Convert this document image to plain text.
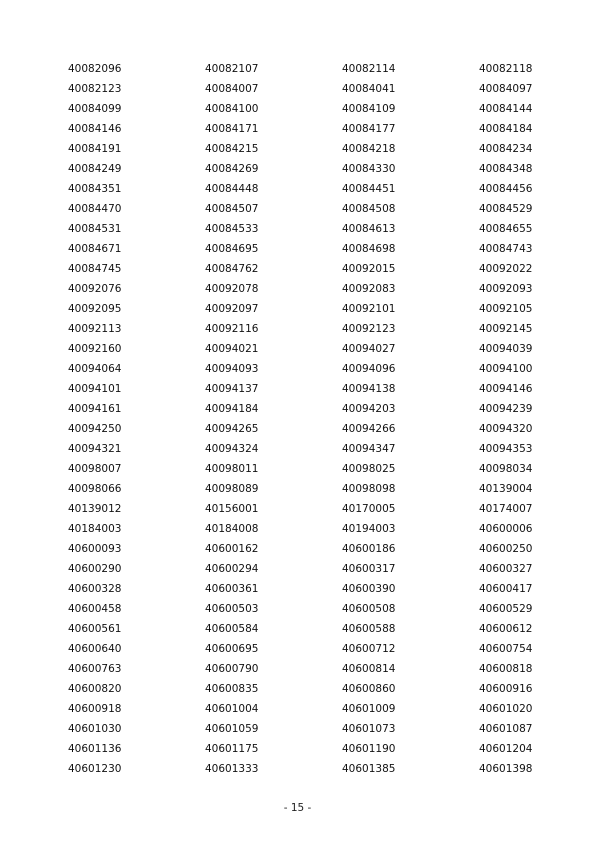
40082096	40082107	40082114	40082118
40082123	40084007	40084041	40084097
40084099	40084100	40084109	40084144
40084146	40084171	40084177	40084184
40084191	40084215	40084218	40084234
40084249	40084269	40084330	40084348
40084351	40084448	40084451	40084456
40084470	40084507	40084508	40084529
40084531	40084533	40084613	40084655
40084671	40084695	40084698	40084743
40084745	40084762	40092015	40092022
40092076	40092078	40092083	40092093
40092095	40092097	40092101	40092105
40092113	40092116	40092123	40092145
40092160	40094021	40094027	40094039
40094064	40094093	40094096	40094100
40094101	40094137	40094138	40094146
40094161	40094184	40094203	40094239
40094250	40094265	40094266	40094320
40094321	40094324	40094347	40094353
40098007	40098011	40098025	40098034
40098066	40098089	40098098	40139004
40139012	40156001	40170005	40174007
40184003	40184008	40194003	40600006
40600093	40600162	40600186	40600250
40600290	40600294	40600317	40600327
40600328	40600361	40600390	40600417
40600458	40600503	40600508	40600529
40600561	40600584	40600588	40600612
40600640	40600695	40600712	40600754
40600763	40600790	40600814	40600818
40600820	40600835	40600860	40600916
40600918	40601004	40601009	40601020
40601030	40601059	40601073	40601087
40601136	40601175	40601190	40601204
40601230	40601333	40601385	40601398
- 15 -
